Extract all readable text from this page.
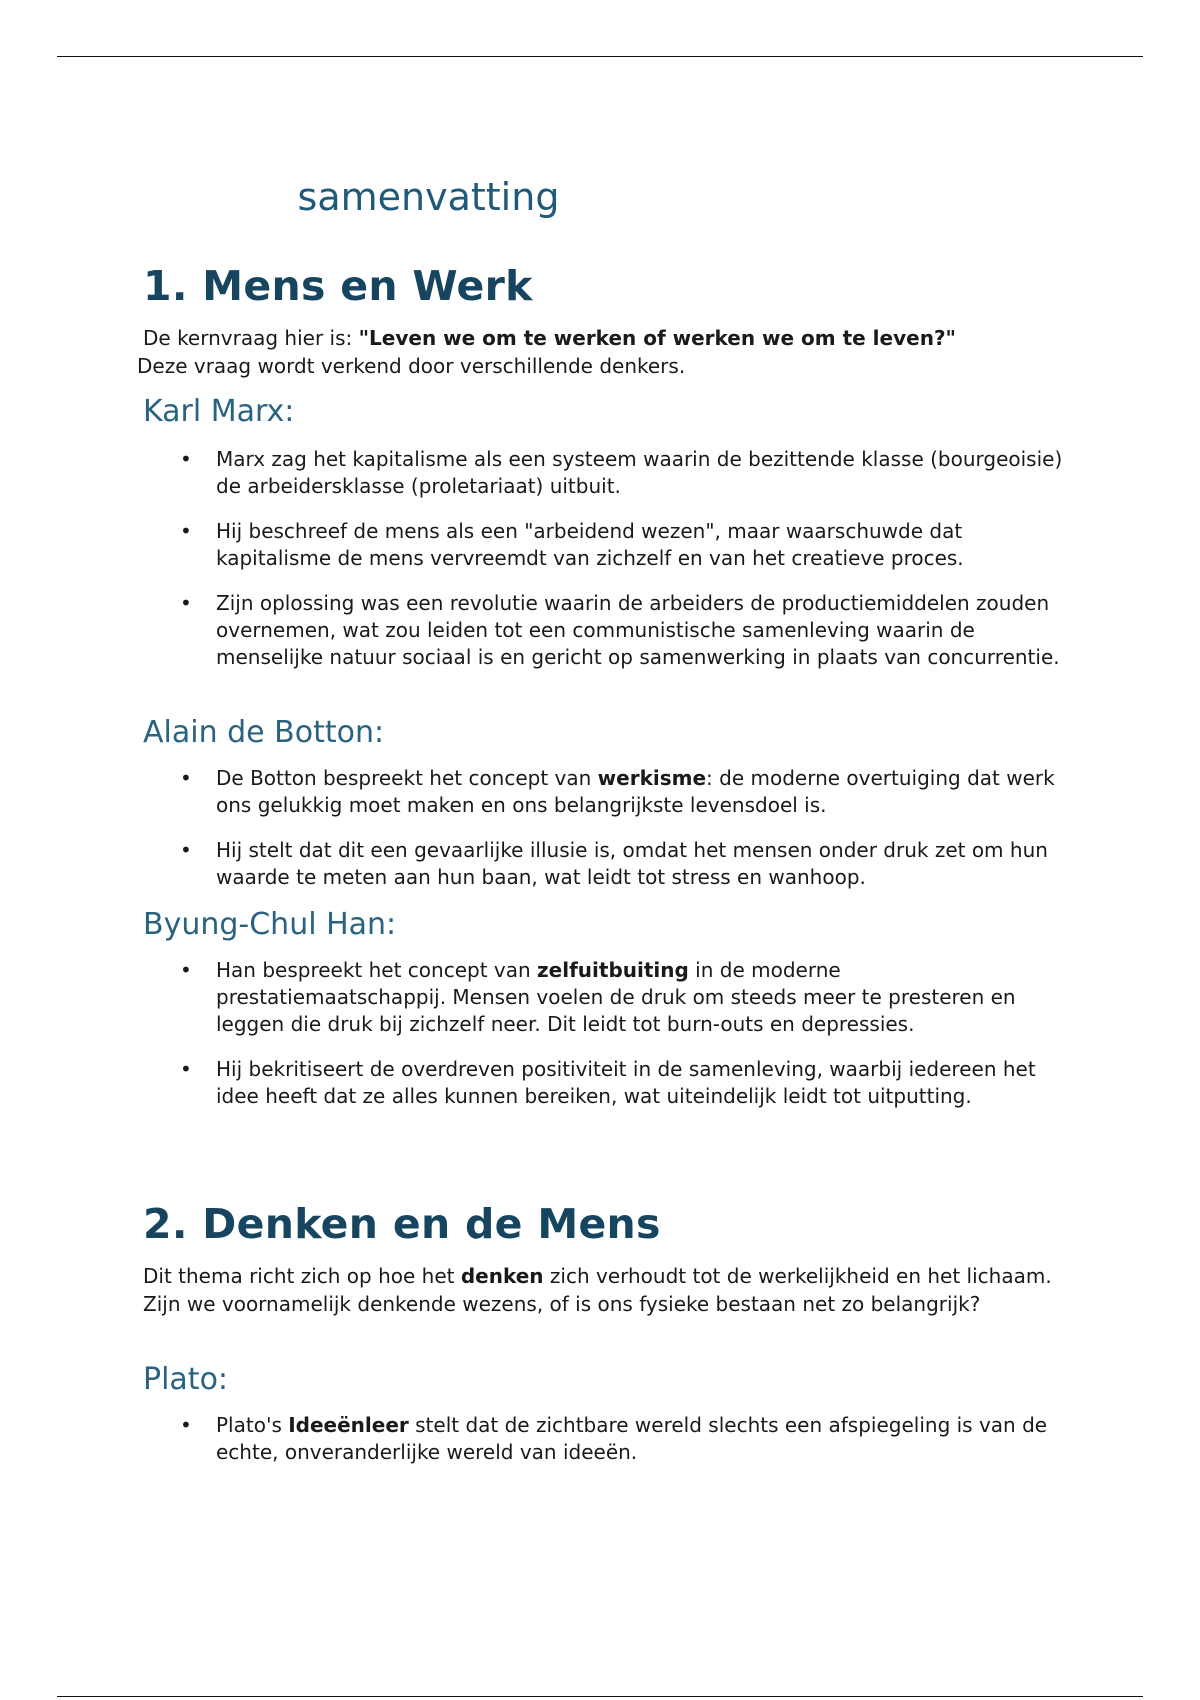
samenvatting
1. Mens en Werk

De kernvraag hier is: "Leven we om te werken of werken we om te leven?"
Deze vraag wordt verkend door verschillende denkers.

Karl Marx:
• Marx zag het kapitalisme als een systeem waarin de bezittende klasse (bourgeoisie) de arbeidersklasse (proletariaat) uitbuit.
• Hij beschreef de mens als een "arbeidend wezen", maar waarschuwde dat kapitalisme de mens vervreemdt van zichzelf en van het creatieve proces.
• Zijn oplossing was een revolutie waarin de arbeiders de productiemiddelen zouden overnemen, wat zou leiden tot een communistische samenleving waarin de menselijke natuur sociaal is en gericht op samenwerking in plaats van concurrentie.
Alain de Botton:
• De Botton bespreekt het concept van werkisme: de moderne overtuiging dat werk ons gelukkig moet maken en ons belangrijkste levensdoel is.
• Hij stelt dat dit een gevaarlijke illusie is, omdat het mensen onder druk zet om hun waarde te meten aan hun baan, wat leidt tot stress en wanhoop.
Byung-Chul Han:
• Han bespreekt het concept van zelfuitbuiting in de moderne prestatiemaatschappij. Mensen voelen de druk om steeds meer te presteren en leggen die druk bij zichzelf neer. Dit leidt tot burn-outs en depressies.
• Hij bekritiseert de overdreven positiviteit in de samenleving, waarbij iedereen het idee heeft dat ze alles kunnen bereiken, wat uiteindelijk leidt tot uitputting.
2. Denken en de Mens

Dit thema richt zich op hoe het denken zich verhoudt tot de werkelijkheid en het lichaam. Zijn we voornamelijk denkende wezens, of is ons fysieke bestaan net zo belangrijk?

Plato:
• Plato's Ideeënleer stelt dat de zichtbare wereld slechts een afspiegeling is van de echte, onveranderlijke wereld van ideeën.
